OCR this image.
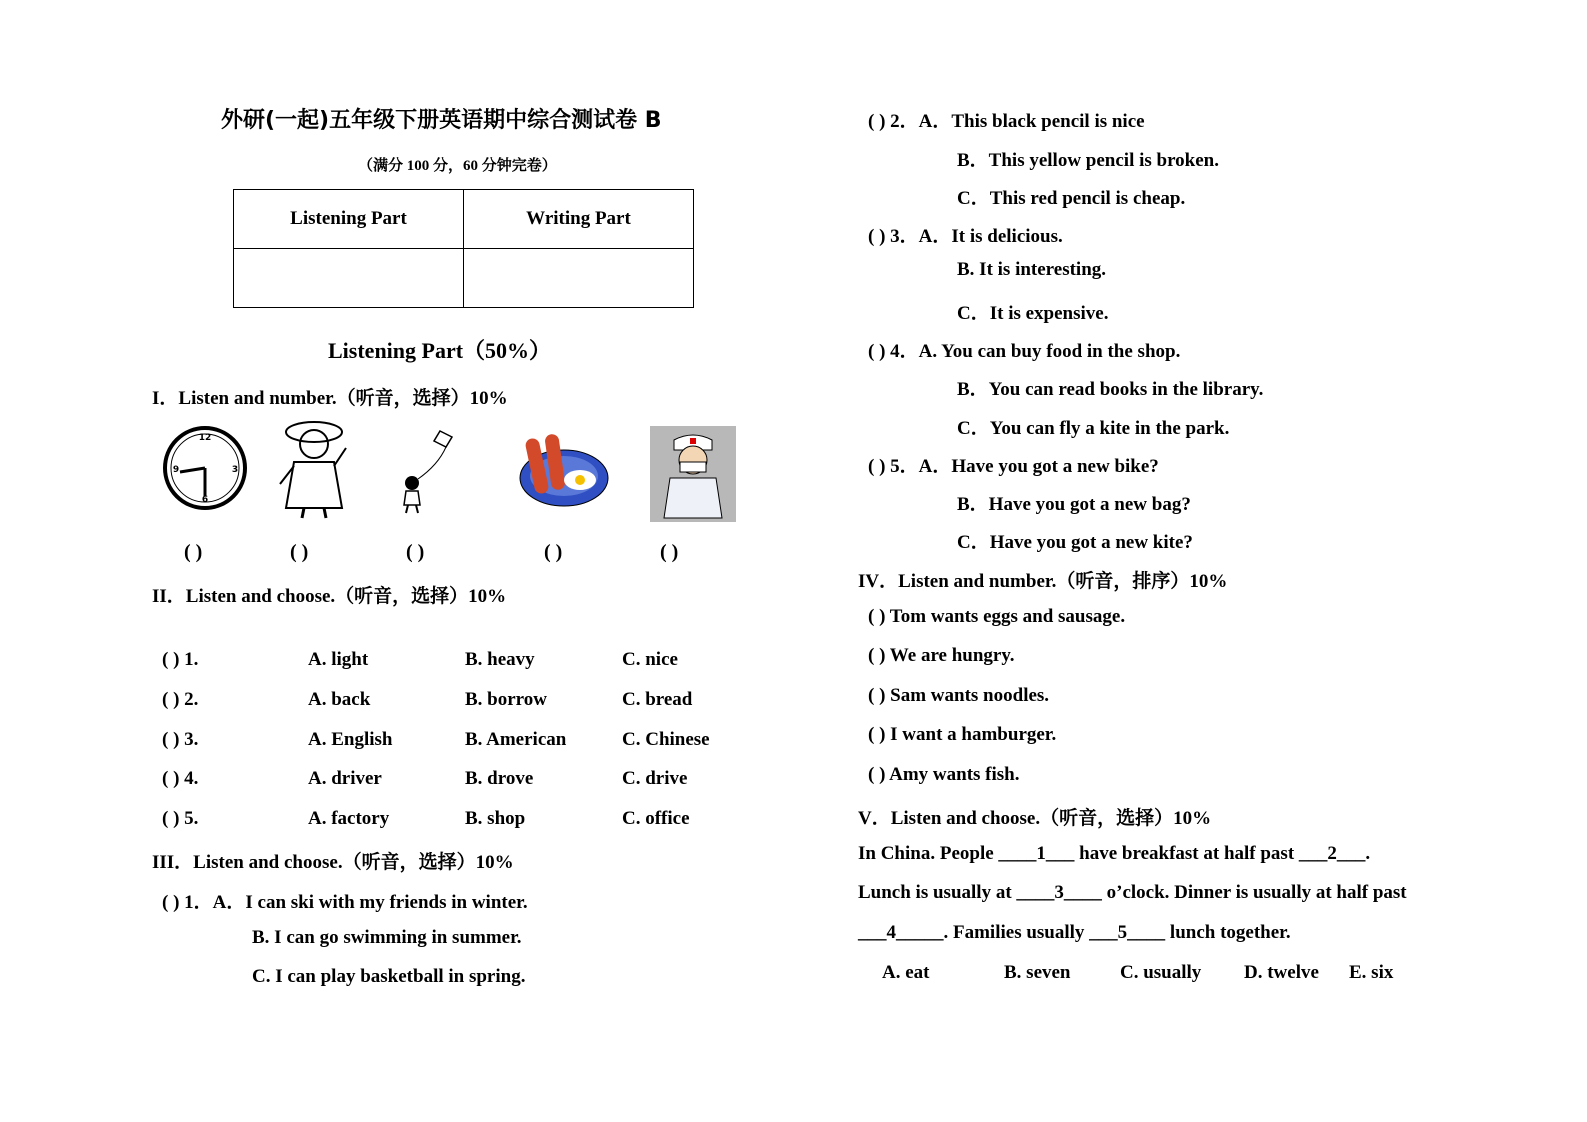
外研(一起)五年级下册英语期中综合测试卷 B
（满分 100 分，60 分钟完卷）
Listening Part	Writing Part

Listening Part（50%）
I．Listen and number.（听音，选择）10%
12
3
6
9
( )	( )	( )	( )	( )
II．Listen and choose.（听音，选择）10%
( ) 1.	A. light	B. heavy	C. nice
( ) 2.	A. back	B. borrow	C. bread
( ) 3.	A. English	B. American	C. Chinese
( ) 4.	A. driver	B. drove	C. drive
( ) 5.	A. factory	B. shop	C. office
III．Listen and choose.（听音，选择）10%
( ) 1．A．I can ski with my friends in winter.
B. I can go swimming in summer.
C. I can play basketball in spring.
( ) 2．A．This black pencil is nice
B．This yellow pencil is broken.
C．This red pencil is cheap.
( ) 3．A．It is delicious.
B. It is interesting.
C．It is expensive.
( ) 4．A. You can buy food in the shop.
B．You can read books in the library.
C．You can fly a kite in the park.
( ) 5．A．Have you got a new bike?
B．Have you got a new bag?
C．Have you got a new kite?
IV．Listen and number.（听音，排序）10%
( ) Tom wants eggs and sausage.
( ) We are hungry.
( ) Sam wants noodles.
( ) I want a hamburger.
( ) Amy wants fish.
V．Listen and choose.（听音，选择）10%
In China. People ____1___ have breakfast at half past ___2___.
Lunch is usually at ____3____ o’clock. Dinner is usually at half past
___4_____. Families usually ___5____ lunch together.
A. eat	B. seven	C. usually D. twelve E. six
